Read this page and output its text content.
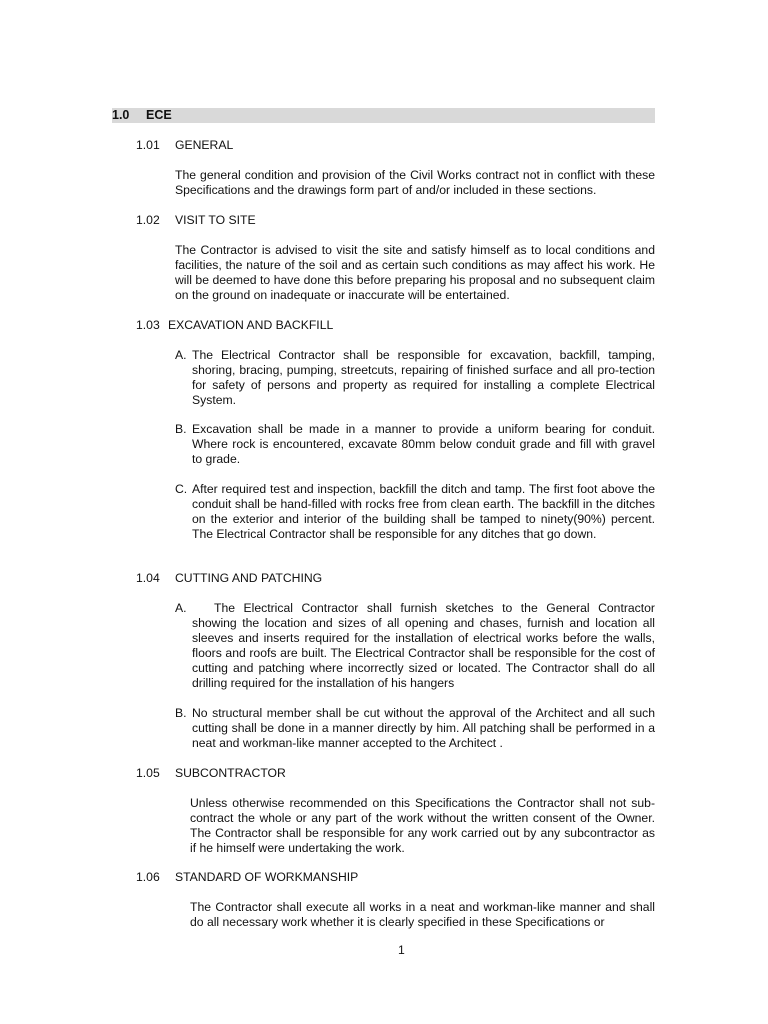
1.0 ECE
1.01 GENERAL

The general condition and provision of the Civil Works contract not in conflict with these Specifications and the drawings form part of and/or included in these sections.

1.02 VISIT TO SITE

The Contractor is advised to visit the site and satisfy himself as to local conditions and facilities, the nature of the soil and as certain such conditions as may affect his work. He will be deemed to have done this before preparing his proposal and no subsequent claim on the ground on inadequate or inaccurate will be entertained.

1.03 EXCAVATION AND BACKFILL
A. The Electrical Contractor shall be responsible for excavation, backfill, tamping, shoring, bracing, pumping, streetcuts, repairing of finished surface and all pro-tection for safety of persons and property as required for installing a complete Electrical System.

B. Excavation shall be made in a manner to provide a uniform bearing for conduit. Where rock is encountered, excavate 80mm below conduit grade and fill with gravel to grade.

C. After required test and inspection, backfill the ditch and tamp. The first foot above the conduit shall be hand-filled with rocks free from clean earth. The backfill in the ditches on the exterior and interior of the building shall be tamped to ninety(90%) percent. The Electrical Contractor shall be responsible for any ditches that go down.

1.04 CUTTING AND PATCHING
A.	The Electrical Contractor shall furnish sketches to the General Contractor showing the location and sizes of all opening and chases, furnish and location all sleeves and inserts required for the installation of electrical works before the walls, floors and roofs are built. The Electrical Contractor shall be responsible for the cost of cutting and patching where incorrectly sized or located. The Contractor shall do all drilling required for the installation of his hangers

B. No structural member shall be cut without the approval of the Architect and all such cutting shall be done in a manner directly by him. All patching shall be performed in a neat and workman-like manner accepted to the Architect .

1.05 SUBCONTRACTOR

Unless otherwise recommended on this Specifications the Contractor shall not sub-contract the whole or any part of the work without the written consent of the Owner. The Contractor shall be responsible for any work carried out by any subcontractor as if he himself were undertaking the work.

1.06 STANDARD OF WORKMANSHIP

The Contractor shall execute all works in a neat and workman-like manner and shall do all necessary work whether it is clearly specified in these Specifications or

1
